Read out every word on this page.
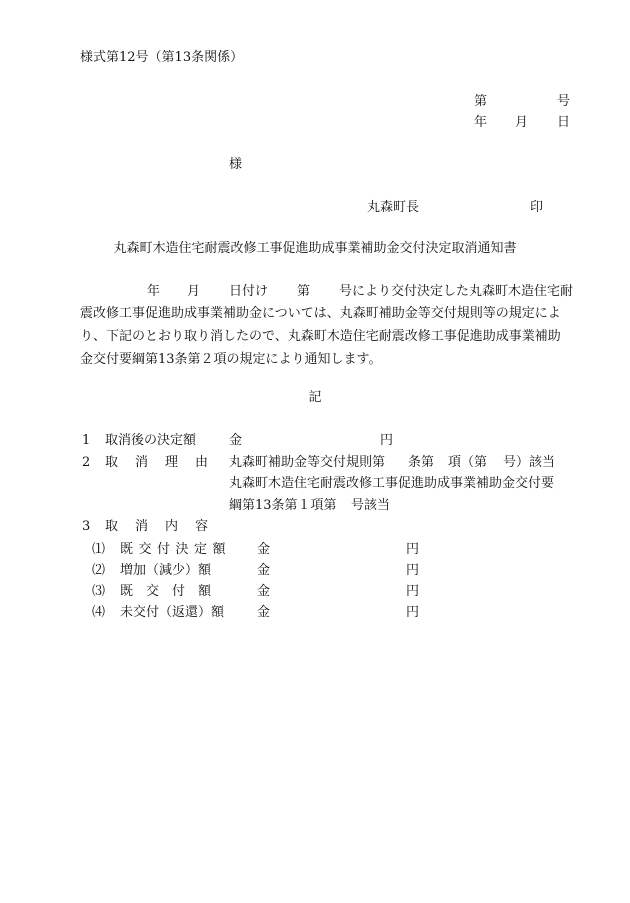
様式第12号（第13条関係）
第	号
年 月 日
様
丸森町長	印
丸森町木造住宅耐震改修工事促進助成事業補助金交付決定取消通知書
年 月 日付け 第 号により交付決定した丸森町木造住宅耐
震改修工事促進助成事業補助金については、丸森町補助金等交付規則等の規定によ
り、下記のとおり取り消したので、丸森町木造住宅耐震改修工事促進助成事業補助
金交付要綱第13条第２項の規定により通知します。
記
1 取消後の決定額	金	円
2 取 消 理 由 丸森町補助金等交付規則第 条第 項（第 号）該当
丸森町木造住宅耐震改修工事促進助成事業補助金交付要
綱第13条第１項第 号該当
3 取 消 内 容
⑴ 既交付決定額 金	円
⑵ 増加（減少）額	金	円
⑶ 既　交　付　額	金	円
⑷ 未交付（返還）額	金	円
